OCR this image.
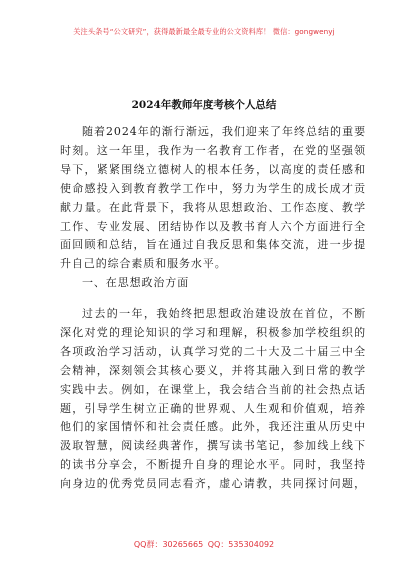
关注头条号“公文研究”，获得最新最全最专业的公文资料库！ 微信：gongwenyj
2024年教师年度考核个人总结

随着2024年的渐行渐远，我们迎来了年终总结的重要
时刻。这一年里，我作为一名教育工作者，在党的坚强领
导下，紧紧围绕立德树人的根本任务，以高度的责任感和
使命感投入到教育教学工作中，努力为学生的成长成才贡
献力量。在此背景下，我将从思想政治、工作态度、教学
工作、专业发展、团结协作以及教书育人六个方面进行全
面回顾和总结，旨在通过自我反思和集体交流，进一步提
升自己的综合素质和服务水平。

一、在思想政治方面

过去的一年，我始终把思想政治建设放在首位，不断
深化对党的理论知识的学习和理解，积极参加学校组织的
各项政治学习活动，认真学习党的二十大及二十届三中全
会精神，深刻领会其核心要义，并将其融入到日常的教学
实践中去。例如，在课堂上，我会结合当前的社会热点话
题，引导学生树立正确的世界观、人生观和价值观，培养
他们的家国情怀和社会责任感。此外，我还注重从历史中
汲取智慧，阅读经典著作，撰写读书笔记，参加线上线下
的读书分享会，不断提升自身的理论水平。同时，我坚持
向身边的优秀党员同志看齐，虚心请教，共同探讨问题，

QQ群：30265665 QQ：535304092
